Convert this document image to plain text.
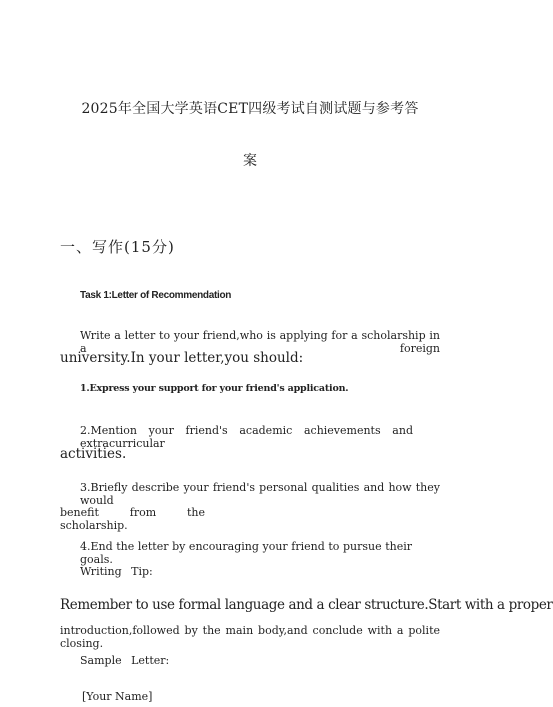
2025年全国大学英语CET四级考试自测试题与参考答
案
一、写作(15分)
Task 1:Letter of Recommendation
Write a letter to your friend,who is applying for a scholarship in a foreign
university.In your letter,you should:
1.Express your support for your friend's application.
2.Mention your friend's academic achievements and extracurricular
activities.
3.Briefly describe your friend's personal qualities and how they would
benefit from the scholarship.
4.End the letter by encouraging your friend to pursue their goals.
Writing Tip:
Remember to use formal language and a clear structure.Start with a proper
introduction,followed by the main body,and conclude with a polite closing.
Sample Letter:
[Your Name]
